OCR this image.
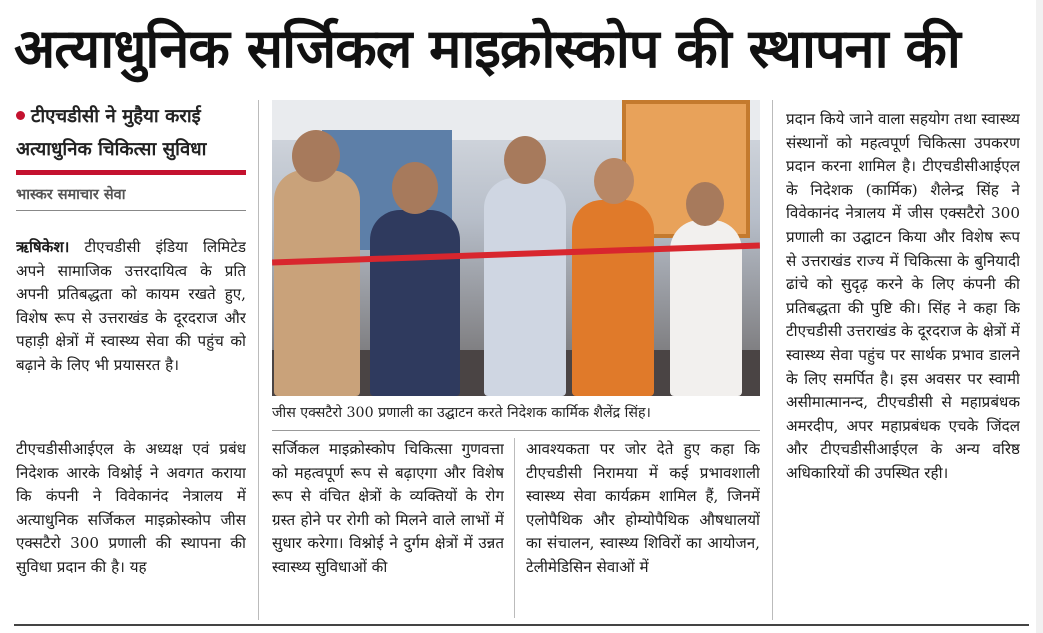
अत्याधुनिक सर्जिकल माइक्रोस्कोप की स्थापना की
टीएचडीसी ने मुहैया कराई
अत्याधुनिक चिकित्सा सुविधा
भास्कर समाचार सेवा

ऋषिकेश। टीएचडीसी इंडिया लिमिटेड अपने सामाजिक उत्तरदायित्व के प्रति अपनी प्रतिबद्धता को कायम रखते हुए, विशेष रूप से उत्तराखंड के दूरदराज और पहाड़ी क्षेत्रों में स्वास्थ्य सेवा की पहुंच को बढ़ाने के लिए भी प्रयासरत है।

टीएचडीसीआईएल के अध्यक्ष एवं प्रबंध निदेशक आरके विश्नोई ने अवगत कराया कि कंपनी ने विवेकानंद नेत्रालय में अत्याधुनिक सर्जिकल माइक्रोस्कोप जीस एक्सटैरो 300 प्रणाली की स्थापना की सुविधा प्रदान की है। यह

जीस एक्सटैरो 300 प्रणाली का उद्घाटन करते निदेशक कार्मिक शैलेंद्र सिंह।

सर्जिकल माइक्रोस्कोप चिकित्सा गुणवत्ता को महत्वपूर्ण रूप से बढ़ाएगा और विशेष रूप से वंचित क्षेत्रों के व्यक्तियों के रोग ग्रस्त होने पर रोगी को मिलने वाले लाभों में सुधार करेगा। विश्नोई ने दुर्गम क्षेत्रों में उन्नत स्वास्थ्य सुविधाओं की

आवश्यकता पर जोर देते हुए कहा कि टीएचडीसी निरामया में कई प्रभावशाली स्वास्थ्य सेवा कार्यक्रम शामिल हैं, जिनमें एलोपैथिक और होम्योपैथिक औषधालयों का संचालन, स्वास्थ्य शिविरों का आयोजन, टेलीमेडिसिन सेवाओं में

प्रदान किये जाने वाला सहयोग तथा स्वास्थ्य संस्थानों को महत्वपूर्ण चिकित्सा उपकरण प्रदान करना शामिल है। टीएचडीसीआईएल के निदेशक (कार्मिक) शैलेन्द्र सिंह ने विवेकानंद नेत्रालय में जीस एक्सटैरो 300 प्रणाली का उद्घाटन किया और विशेष रूप से उत्तराखंड राज्य में चिकित्सा के बुनियादी ढांचे को सुदृढ़ करने के लिए कंपनी की प्रतिबद्धता की पुष्टि की। सिंह ने कहा कि टीएचडीसी उत्तराखंड के दूरदराज के क्षेत्रों में स्वास्थ्य सेवा पहुंच पर सार्थक प्रभाव डालने के लिए समर्पित है। इस अवसर पर स्वामी असीमात्मानन्द, टीएचडीसी से महाप्रबंधक अमरदीप, अपर महाप्रबंधक एचके जिंदल और टीएचडीसीआईएल के अन्य वरिष्ठ अधिकारियों की उपस्थित रही।
